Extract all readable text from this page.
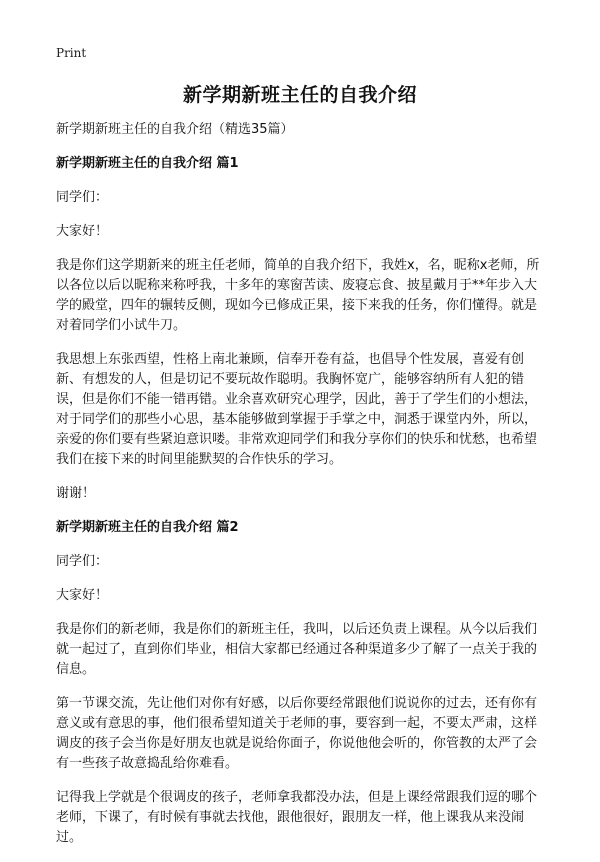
Print
新学期新班主任的自我介绍

新学期新班主任的自我介绍（精选35篇）

新学期新班主任的自我介绍 篇1

同学们：

大家好！

我是你们这学期新来的班主任老师，简单的自我介绍下，我姓x，名，昵称x老师，所以各位以后以昵称来称呼我，十多年的寒窗苦读、废寝忘食、披星戴月于**年步入大学的殿堂，四年的辗转反侧，现如今已修成正果，接下来我的任务，你们懂得。就是对着同学们小试牛刀。

我思想上东张西望，性格上南北兼顾，信奉开卷有益，也倡导个性发展，喜爱有创新、有想发的人，但是切记不要玩故作聪明。我胸怀宽广，能够容纳所有人犯的错误，但是你们不能一错再错。业余喜欢研究心理学，因此，善于了学生们的小想法，对于同学们的那些小心思，基本能够做到掌握于手掌之中，洞悉于课堂内外，所以，亲爱的你们要有些紧迫意识喽。非常欢迎同学们和我分享你们的快乐和忧愁，也希望我们在接下来的时间里能默契的合作快乐的学习。

谢谢！

新学期新班主任的自我介绍 篇2

同学们：

大家好！

我是你们的新老师，我是你们的新班主任，我叫，以后还负责上课程。从今以后我们就一起过了，直到你们毕业，相信大家都已经通过各种渠道多少了解了一点关于我的信息。

第一节课交流，先让他们对你有好感，以后你要经常跟他们说说你的过去，还有你有意义或有意思的事，他们很希望知道关于老师的事，要容到一起，不要太严肃，这样调皮的孩子会当你是好朋友也就是说给你面子，你说他他会听的，你管教的太严了会有一些孩子故意捣乱给你难看。

记得我上学就是个很调皮的孩子，老师拿我都没办法，但是上课经常跟我们逗的哪个老师，下课了，有时候有事就去找他，跟他很好，跟朋友一样，他上课我从来没闹过。
